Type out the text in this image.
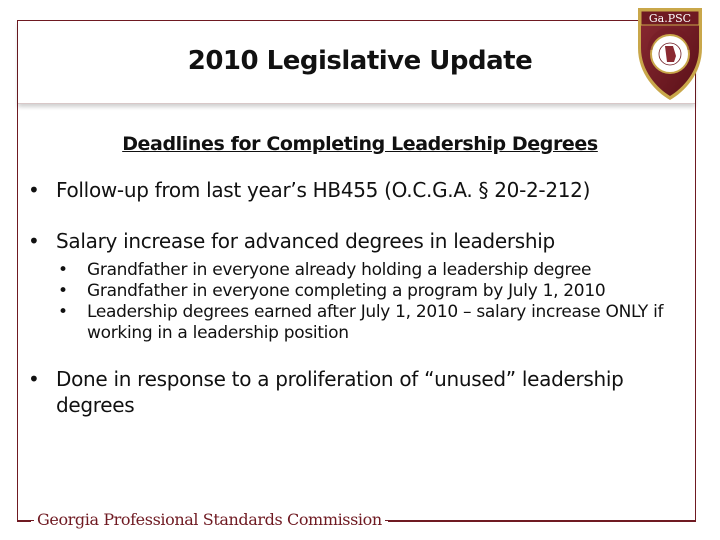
2010 Legislative Update
Ga.PSC
Deadlines for Completing Leadership Degrees
• Follow-up from last year’s HB455 (O.C.G.A. § 20-2-212)
• Salary increase for advanced degrees in leadership
• Grandfather in everyone already holding a leadership degree
• Grandfather in everyone completing a program by July 1, 2010
• Leadership degrees earned after July 1, 2010 – salary increase ONLY if working in a leadership position
• Done in response to a proliferation of “unused” leadership degrees
Georgia Professional Standards Commission
